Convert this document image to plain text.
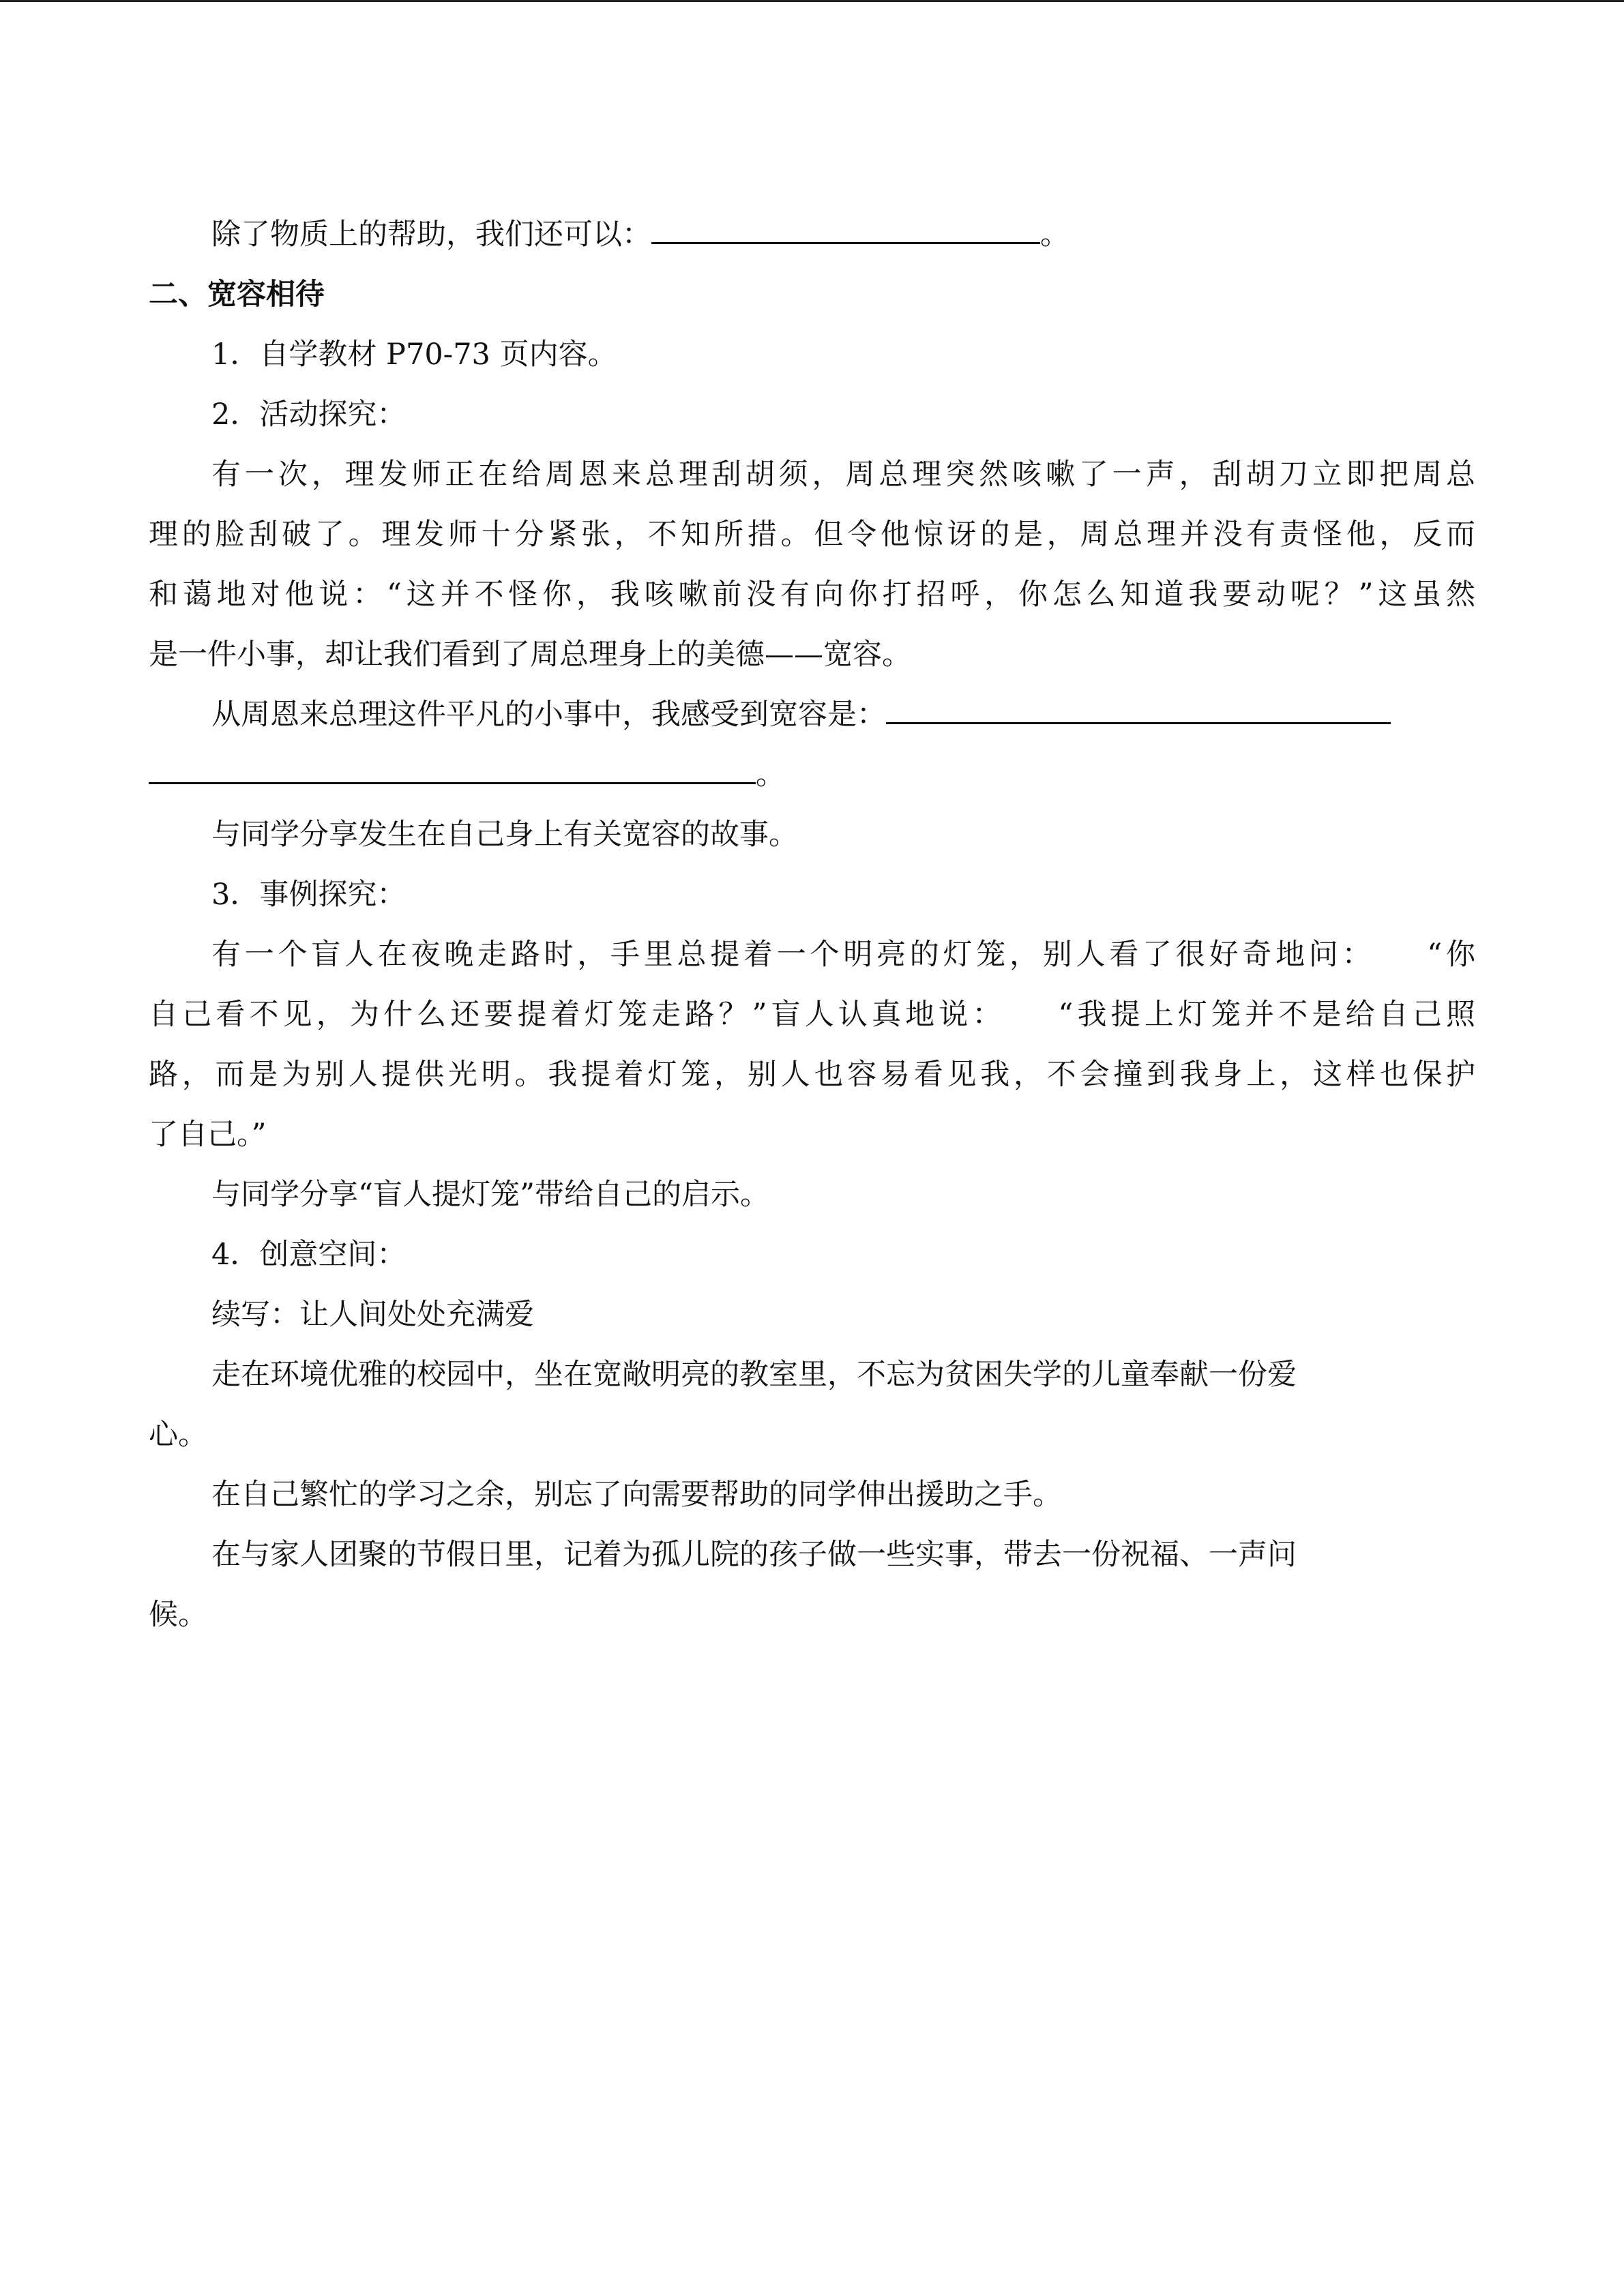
除了物质上的帮助，我们还可以：	。

二、宽容相待

1．自学教材 P70-73 页内容。

2．活动探究：

有一次，理发师正在给周恩来总理刮胡须，周总理突然咳嗽了一声，刮胡刀立即把周总

理的脸刮破了。理发师十分紧张，不知所措。但令他惊讶的是，周总理并没有责怪他，反而

和蔼地对他说：“这并不怪你，我咳嗽前没有向你打招呼，你怎么知道我要动呢？”这虽然

是一件小事，却让我们看到了周总理身上的美德——宽容。

从周恩来总理这件平凡的小事中，我感受到宽容是：

。

与同学分享发生在自己身上有关宽容的故事。

3．事例探究：

有一个盲人在夜晚走路时，手里总提着一个明亮的灯笼，别人看了很好奇地问：　　“你

自己看不见，为什么还要提着灯笼走路？”盲人认真地说：　　“我提上灯笼并不是给自己照

路，而是为别人提供光明。我提着灯笼，别人也容易看见我，不会撞到我身上，这样也保护

了自己。”

与同学分享“盲人提灯笼”带给自己的启示。

4．创意空间：

续写：让人间处处充满爱

走在环境优雅的校园中，坐在宽敞明亮的教室里，不忘为贫困失学的儿童奉献一份爱

心。

在自己繁忙的学习之余，别忘了向需要帮助的同学伸出援助之手。

在与家人团聚的节假日里，记着为孤儿院的孩子做一些实事，带去一份祝福、一声问

候。
